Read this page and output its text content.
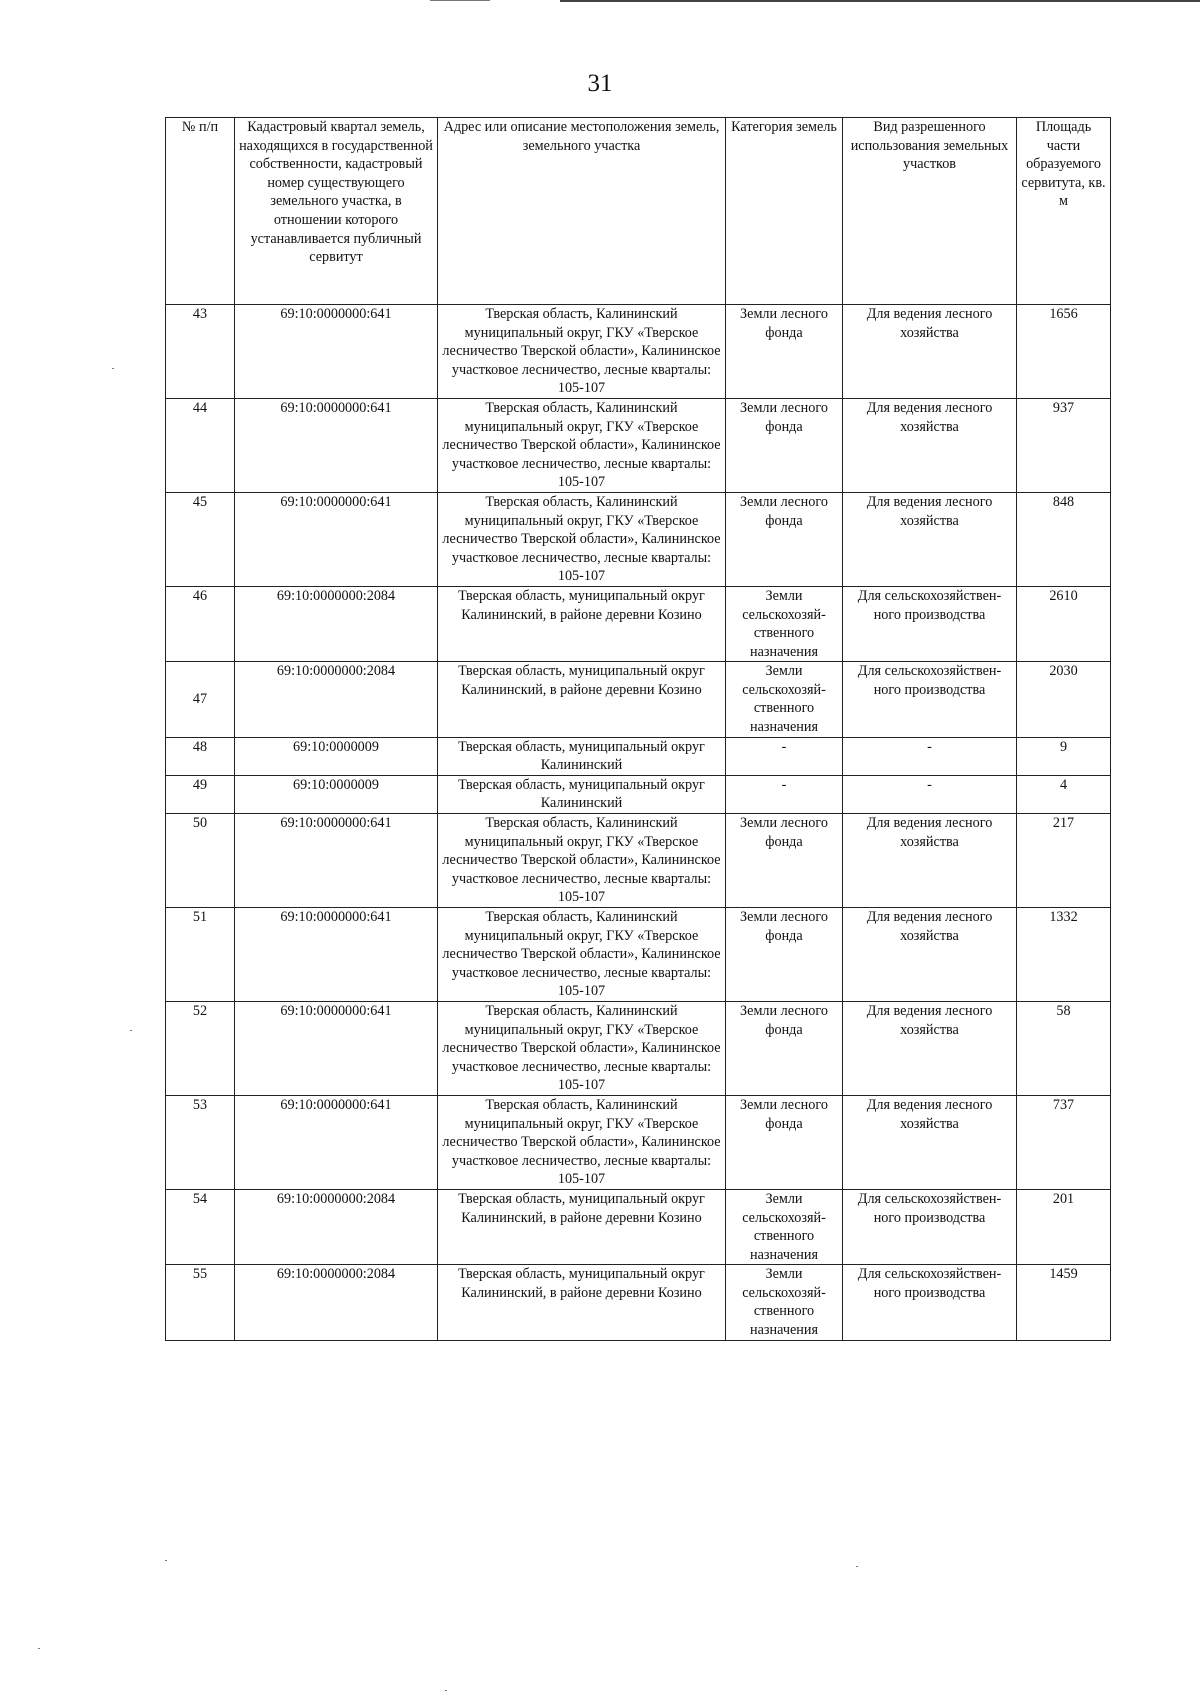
31
№ п/п	Кадастровый квартал земель, находящихся в государственной собственности, кадастровый номер существующего земельного участка, в отношении которого устанавливается публичный сервитут	Адрес или описание местоположения земель, земельного участка	Категория земель	Вид разрешенного использования земельных участков	Площадь части образуемого сервитута, кв. м
43	69:10:0000000:641	Тверская область, Калининский муниципальный округ, ГКУ «Тверское лесничество Тверской области», Калининское участковое лесничество, лесные кварталы: 105-107	Земли лесного фонда	Для ведения лесного хозяйства	1656
44	69:10:0000000:641	Тверская область, Калининский муниципальный округ, ГКУ «Тверское лесничество Тверской области», Калининское участковое лесничество, лесные кварталы: 105-107	Земли лесного фонда	Для ведения лесного хозяйства	937
45	69:10:0000000:641	Тверская область, Калининский муниципальный округ, ГКУ «Тверское лесничество Тверской области», Калининское участковое лесничество, лесные кварталы: 105-107	Земли лесного фонда	Для ведения лесного хозяйства	848
46	69:10:0000000:2084	Тверская область, муниципальный округ Калининский, в районе деревни Козино	Земли сельскохозяй-ственного назначения	Для сельскохозяйствен-ного производства	2610
47	69:10:0000000:2084	Тверская область, муниципальный округ Калининский, в районе деревни Козино	Земли сельскохозяй-ственного назначения	Для сельскохозяйствен-ного производства	2030
48	69:10:0000009	Тверская область, муниципальный округ Калининский	-	-	9
49	69:10:0000009	Тверская область, муниципальный округ Калининский	-	-	4
50	69:10:0000000:641	Тверская область, Калининский муниципальный округ, ГКУ «Тверское лесничество Тверской области», Калининское участковое лесничество, лесные кварталы: 105-107	Земли лесного фонда	Для ведения лесного хозяйства	217
51	69:10:0000000:641	Тверская область, Калининский муниципальный округ, ГКУ «Тверское лесничество Тверской области», Калининское участковое лесничество, лесные кварталы: 105-107	Земли лесного фонда	Для ведения лесного хозяйства	1332
52	69:10:0000000:641	Тверская область, Калининский муниципальный округ, ГКУ «Тверское лесничество Тверской области», Калининское участковое лесничество, лесные кварталы: 105-107	Земли лесного фонда	Для ведения лесного хозяйства	58
53	69:10:0000000:641	Тверская область, Калининский муниципальный округ, ГКУ «Тверское лесничество Тверской области», Калининское участковое лесничество, лесные кварталы: 105-107	Земли лесного фонда	Для ведения лесного хозяйства	737
54	69:10:0000000:2084	Тверская область, муниципальный округ Калининский, в районе деревни Козино	Земли сельскохозяй-ственного назначения	Для сельскохозяйствен-ного производства	201
55	69:10:0000000:2084	Тверская область, муниципальный округ Калининский, в районе деревни Козино	Земли сельскохозяй-ственного назначения	Для сельскохозяйствен-ного производства	1459
